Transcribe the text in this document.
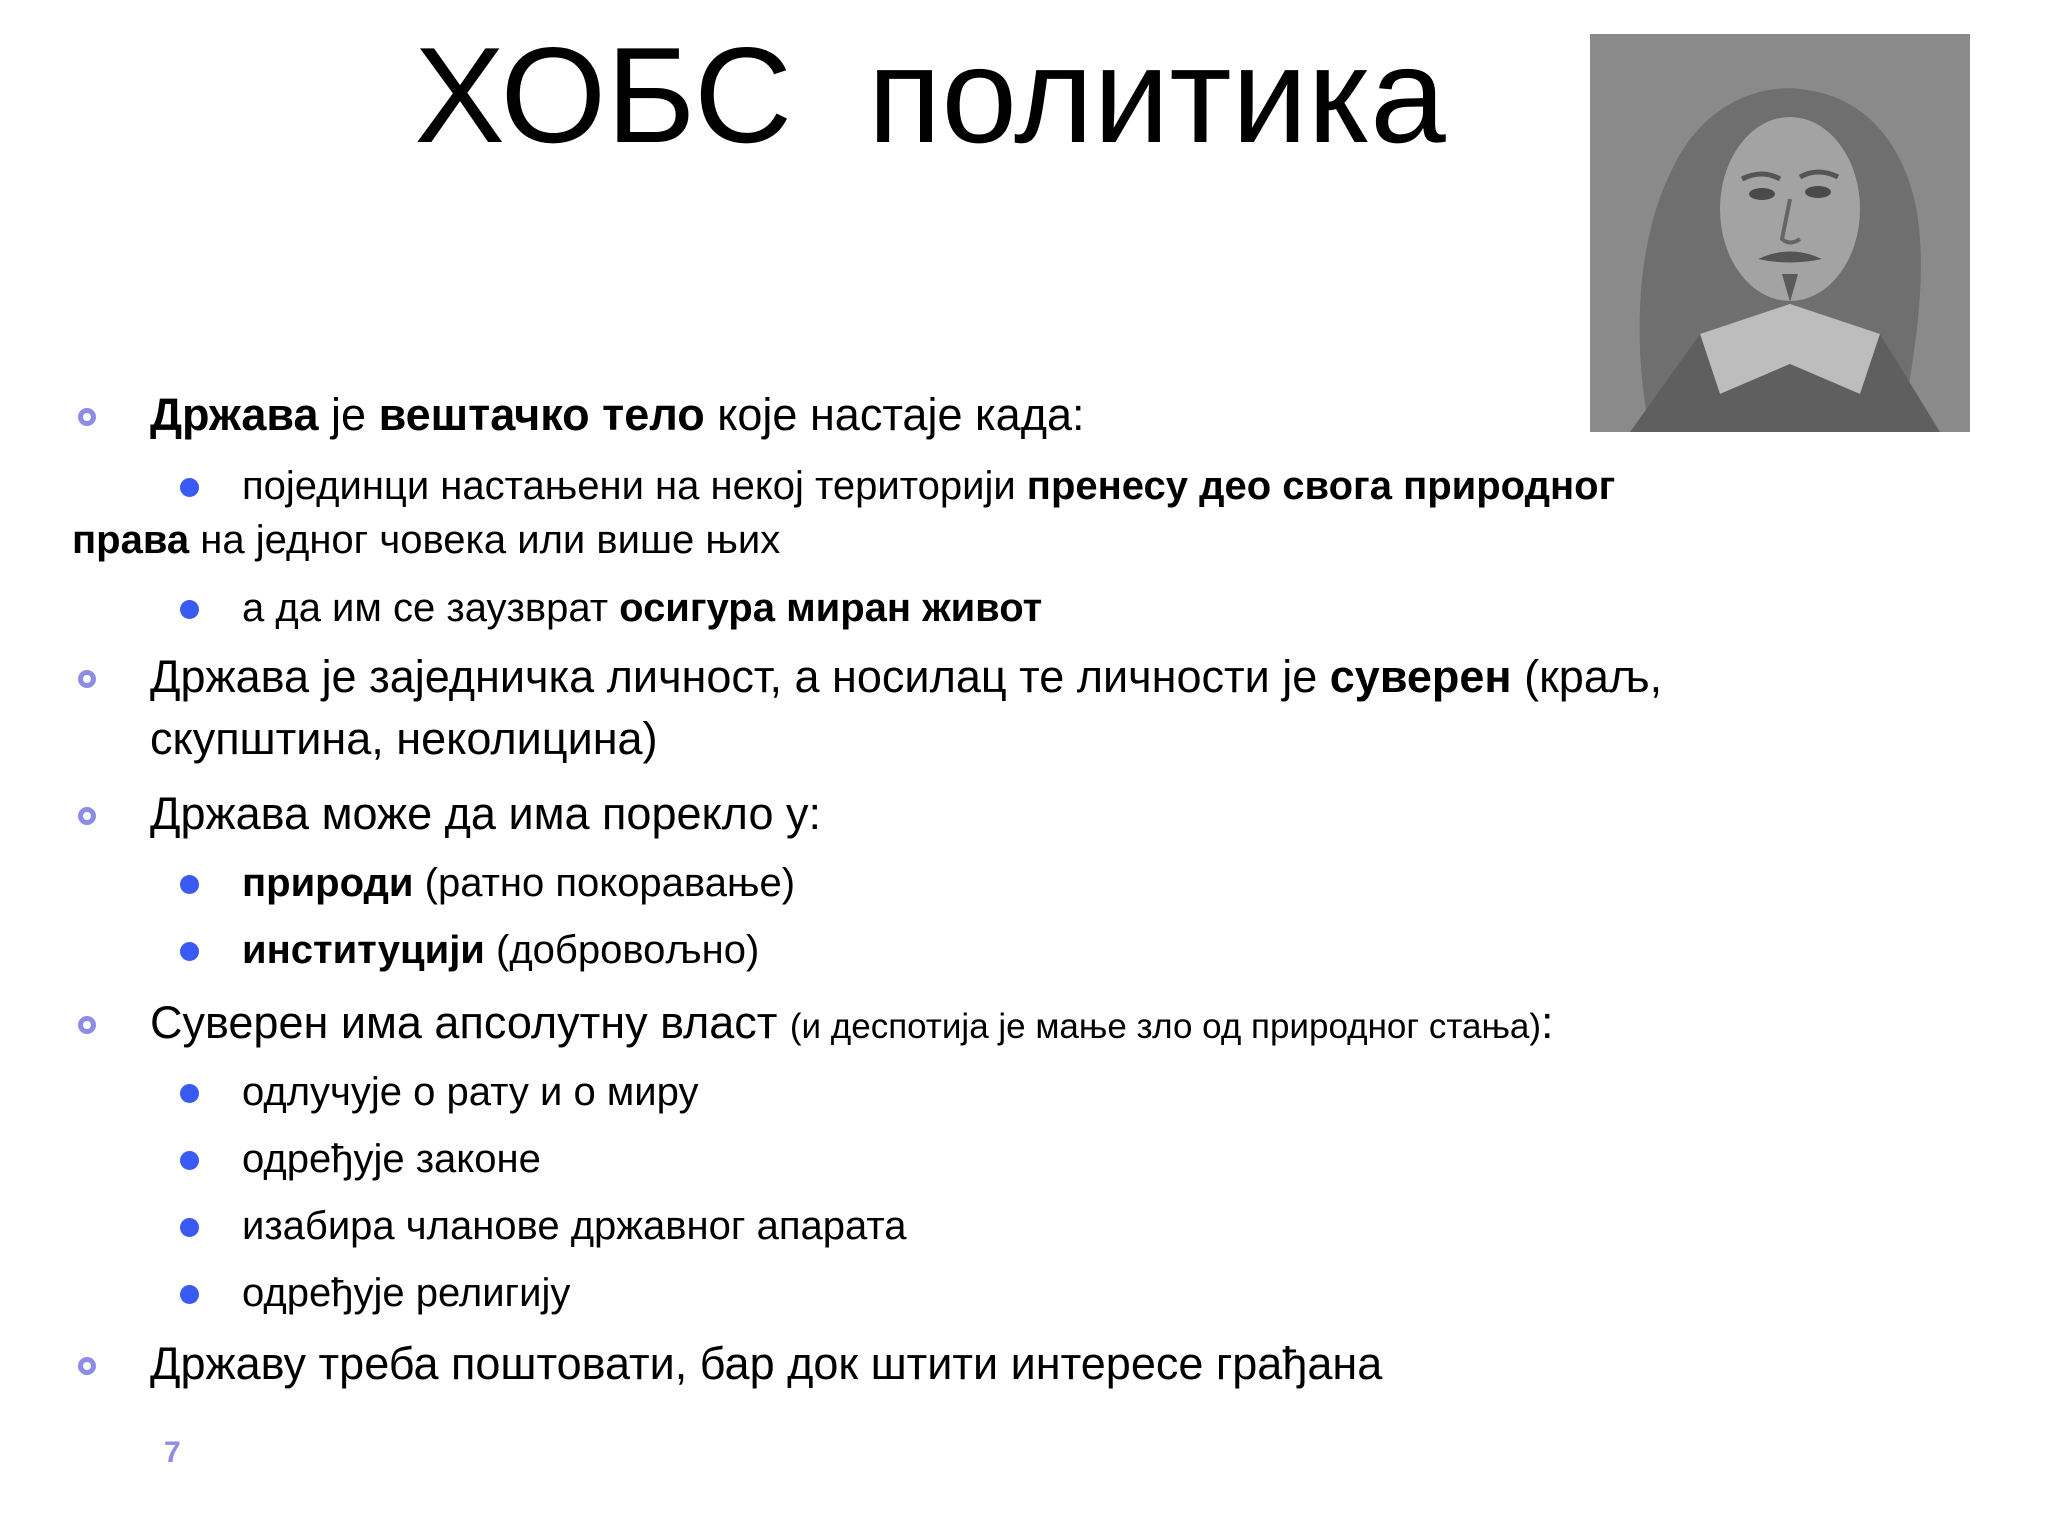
ХОБС  политика
Држава је вештачко тело које настаје када:
појединци настањени на некој територији пренесу део свога природног
права на једног човека или више њих
а да им се заузврат осигура миран живот
Држава је заједничка личност, а носилац те личности је суверен (краљ,
скупштина, неколицина)
Држава може да има порекло у:
природи (ратно покоравање)
институцији (добровољно)
Суверен има апсолутну власт (и деспотија је мање зло од природног стања):
одлучује о рату и о миру
одређује законе
изабира чланове државног апарата
одређује религију
Државу треба поштовати, бар док штити интересе грађана
7
